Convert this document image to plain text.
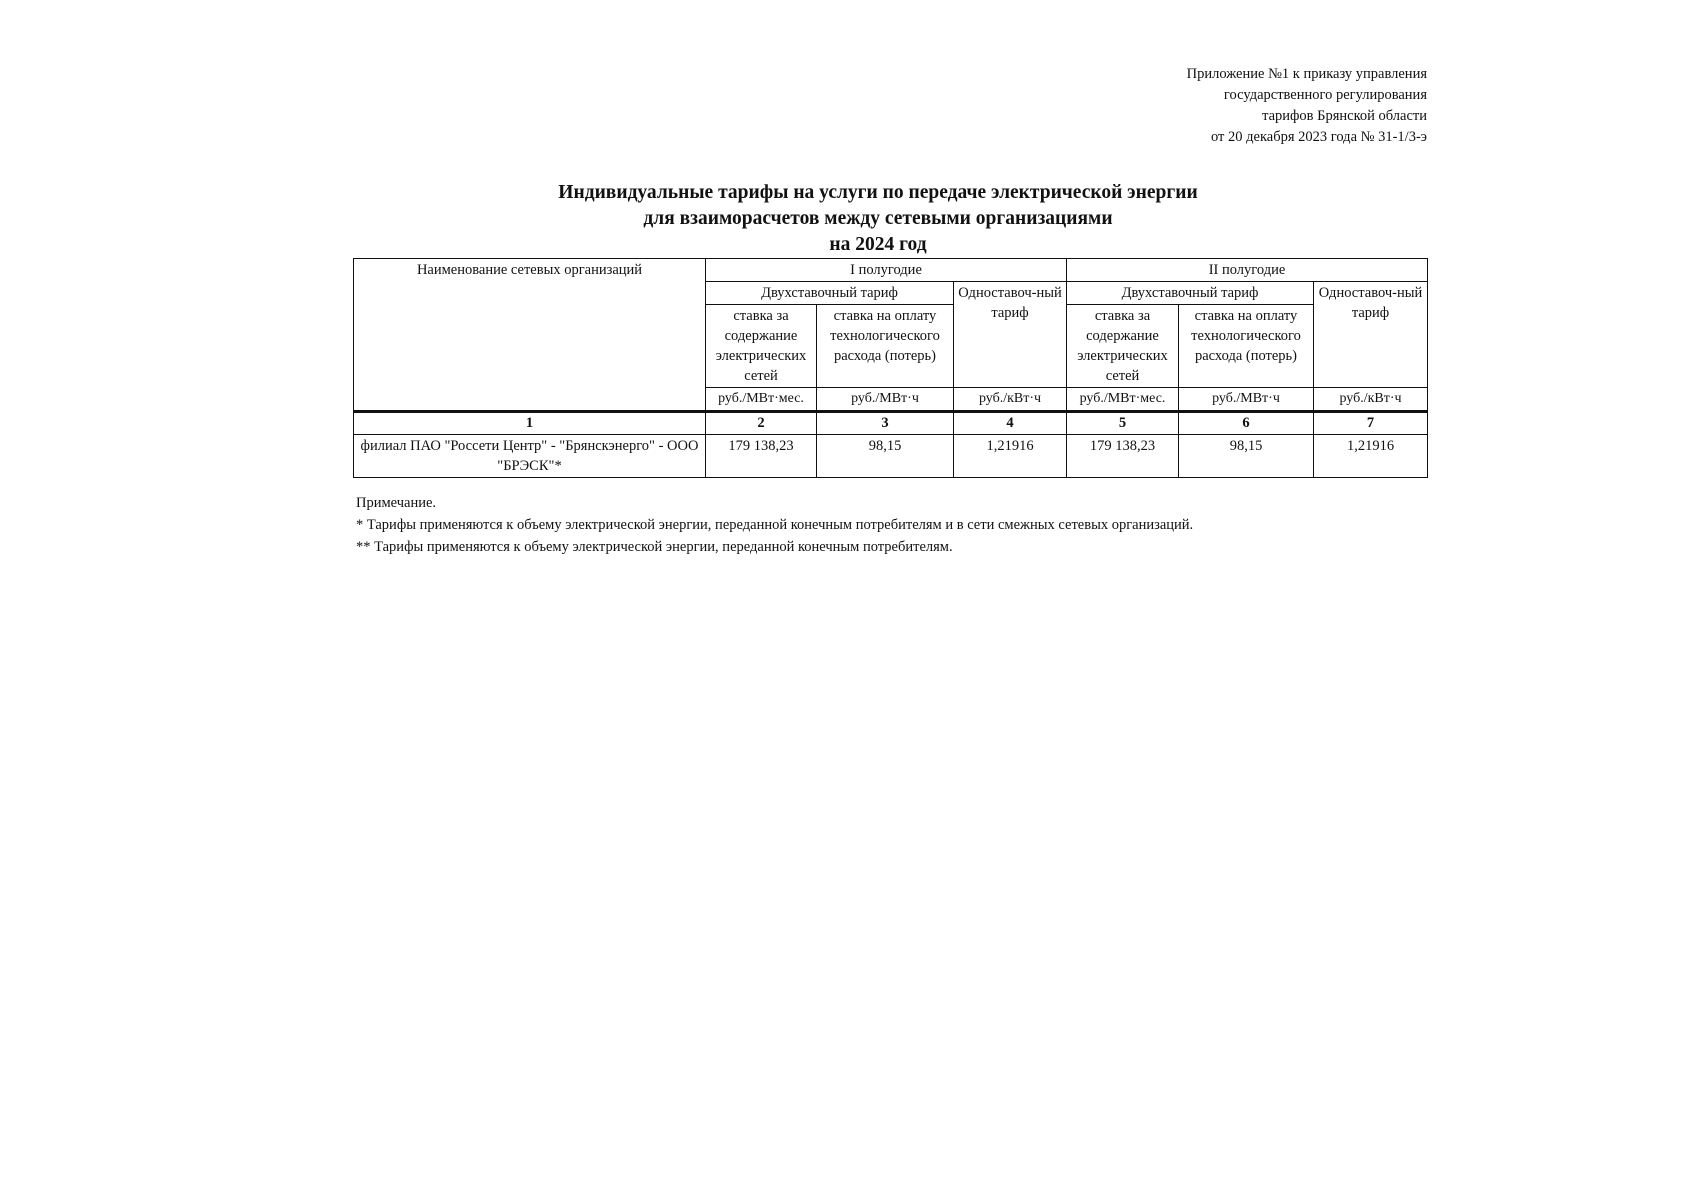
Приложение №1 к приказу управления
государственного регулирования
тарифов Брянской области
от 20 декабря 2023 года № 31-1/3-э
Индивидуальные тарифы на услуги по передаче электрической энергии
для взаиморасчетов между сетевыми организациями
на 2024 год
Наименование сетевых организаций	I полугодие			II полугодие		
	Двухставочный тариф		Одноставоч-ный тариф	Двухставочный тариф		Одноставоч-ный тариф
	ставка за содержание электрических сетей	ставка на оплату технологического расхода (потерь)		ставка за содержание электрических сетей	ставка на оплату технологического расхода (потерь)	
	руб./МВт·мес.	руб./МВт·ч	руб./кВт·ч	руб./МВт·мес.	руб./МВт·ч	руб./кВт·ч
1	2	3	4	5	6	7
филиал ПАО "Россети Центр" - "Брянскэнерго" - ООО "БРЭСК"*	179 138,23	98,15	1,21916	179 138,23	98,15	1,21916
Примечание.
* Тарифы применяются к объему электрической энергии, переданной конечным потребителям и в сети смежных сетевых организаций.
** Тарифы применяются к объему электрической энергии, переданной конечным потребителям.
